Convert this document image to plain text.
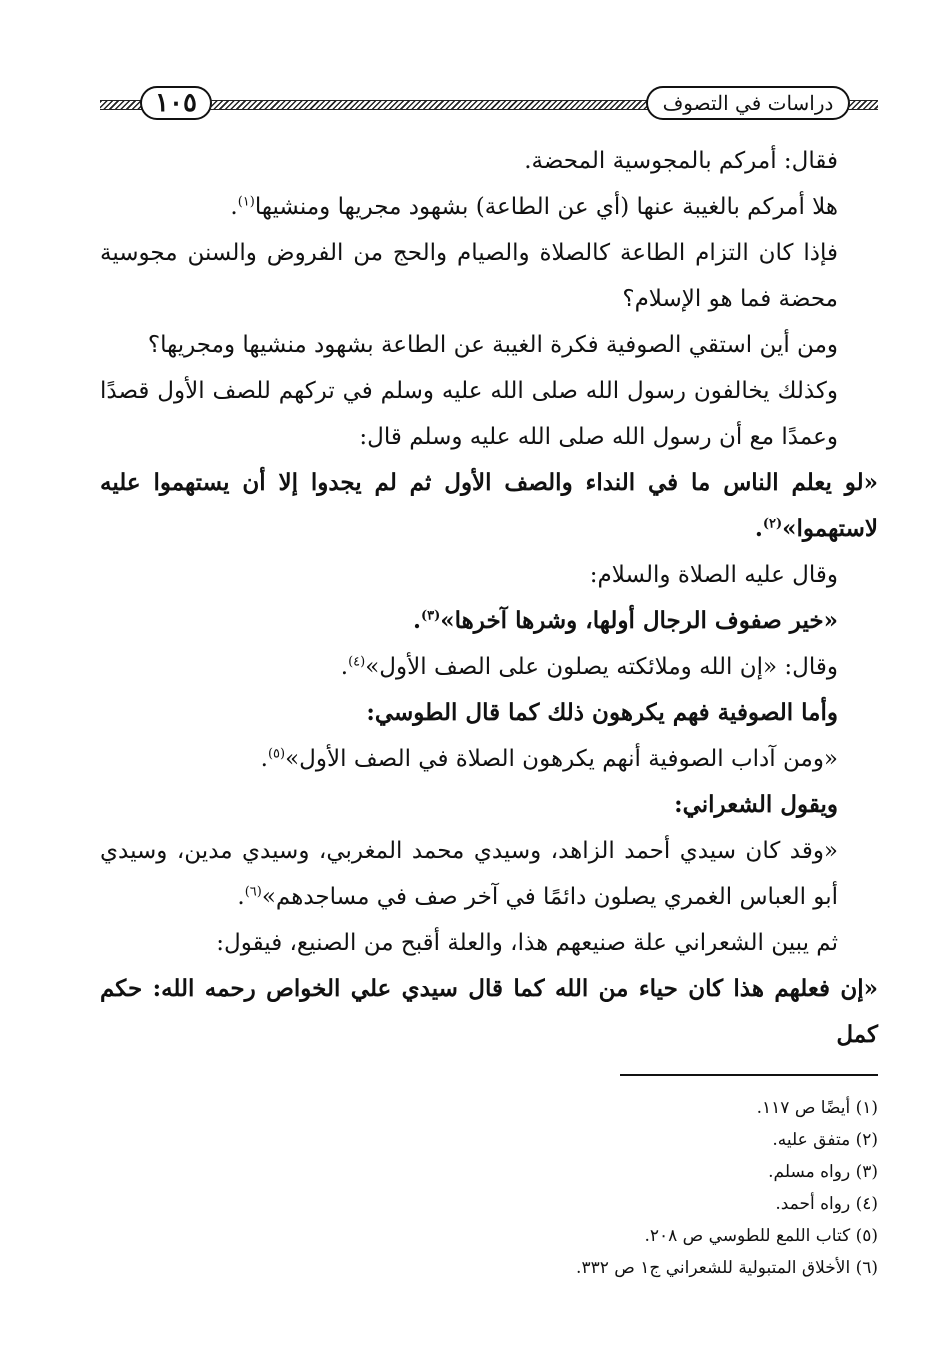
١٠٥	دراسات في التصوف

فقال: أمركم بالمجوسية المحضة.

هلا أمركم بالغيبة عنها (أي عن الطاعة) بشهود مجريها ومنشيها$^{(١)}$.

فإذا كان التزام الطاعة كالصلاة والصيام والحج من الفروض والسنن مجوسية محضة فما هو الإسلام؟

ومن أين استقي الصوفية فكرة الغيبة عن الطاعة بشهود منشيها ومجريها؟

وكذلك يخالفون رسول الله صلى الله عليه وسلم في تركهم للصف الأول قصدًا وعمدًا مع أن رسول الله صلى الله عليه وسلم قال:

«لو يعلم الناس ما في النداء والصف الأول ثم لم يجدوا إلا أن يستهموا عليه لاستهموا»$^{(٢)}$.

وقال عليه الصلاة والسلام:

«خير صفوف الرجال أولها، وشرها آخرها»$^{(٣)}$.

وقال: «إن الله وملائكته يصلون على الصف الأول»$^{(٤)}$.

وأما الصوفية فهم يكرهون ذلك كما قال الطوسي:

«ومن آداب الصوفية أنهم يكرهون الصلاة في الصف الأول»$^{(٥)}$.

ويقول الشعراني:

«وقد كان سيدي أحمد الزاهد، وسيدي محمد المغربي، وسيدي مدين، وسيدي أبو العباس الغمري يصلون دائمًا في آخر صف في مساجدهم»$^{(٦)}$.

ثم يبين الشعراني علة صنيعهم هذا، والعلة أقبح من الصنيع، فيقول:

«إن فعلهم هذا كان حياء من الله كما قال سيدي علي الخواص رحمه الله: حكم كمل

(١) أيضًا ص ١١٧.
(٢) متفق عليه.
(٣) رواه مسلم.
(٤) رواه أحمد.
(٥) كتاب اللمع للطوسي ص ٢٠٨.
(٦) الأخلاق المتبولية للشعراني ج١ ص ٣٣٢.
